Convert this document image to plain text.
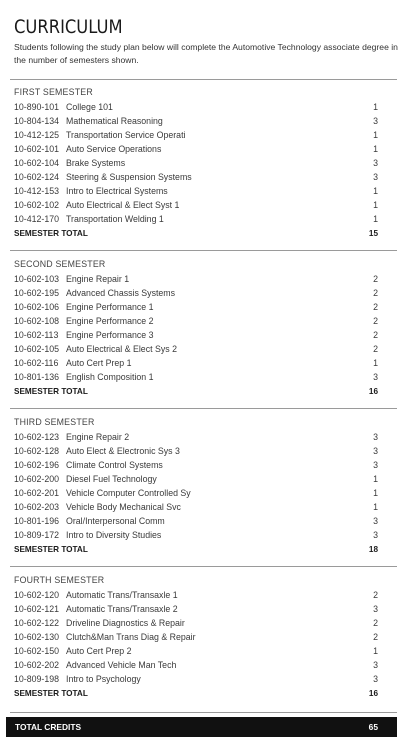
CURRICULUM
Students following the study plan below will complete the Automotive Technology associate degree in the number of semesters shown.
FIRST SEMESTER
10-890-101 College 101	1
10-804-134 Mathematical Reasoning	3
10-412-125 Transportation Service Operati	1
10-602-101 Auto Service Operations	1
10-602-104 Brake Systems	3
10-602-124 Steering & Suspension Systems	3
10-412-153 Intro to Electrical Systems	1
10-602-102 Auto Electrical & Elect Syst 1	1
10-412-170 Transportation Welding 1	1
SEMESTER TOTAL	15
SECOND SEMESTER
10-602-103 Engine Repair 1	2
10-602-195 Advanced Chassis Systems	2
10-602-106 Engine Performance 1	2
10-602-108 Engine Performance 2	2
10-602-113 Engine Performance 3	2
10-602-105 Auto Electrical & Elect Sys 2	2
10-602-116 Auto Cert Prep 1	1
10-801-136 English Composition 1	3
SEMESTER TOTAL	16
THIRD SEMESTER
10-602-123 Engine Repair 2	3
10-602-128 Auto Elect & Electronic Sys 3	3
10-602-196 Climate Control Systems	3
10-602-200 Diesel Fuel Technology	1
10-602-201 Vehicle Computer Controlled Sy	1
10-602-203 Vehicle Body Mechanical Svc	1
10-801-196 Oral/Interpersonal Comm	3
10-809-172 Intro to Diversity Studies	3
SEMESTER TOTAL	18
FOURTH SEMESTER
10-602-120 Automatic Trans/Transaxle 1	2
10-602-121 Automatic Trans/Transaxle 2	3
10-602-122 Driveline Diagnostics & Repair	2
10-602-130 Clutch&Man Trans Diag & Repair	2
10-602-150 Auto Cert Prep 2	1
10-602-202 Advanced Vehicle Man Tech	3
10-809-198 Intro to Psychology	3
SEMESTER TOTAL	16
TOTAL CREDITS	65
